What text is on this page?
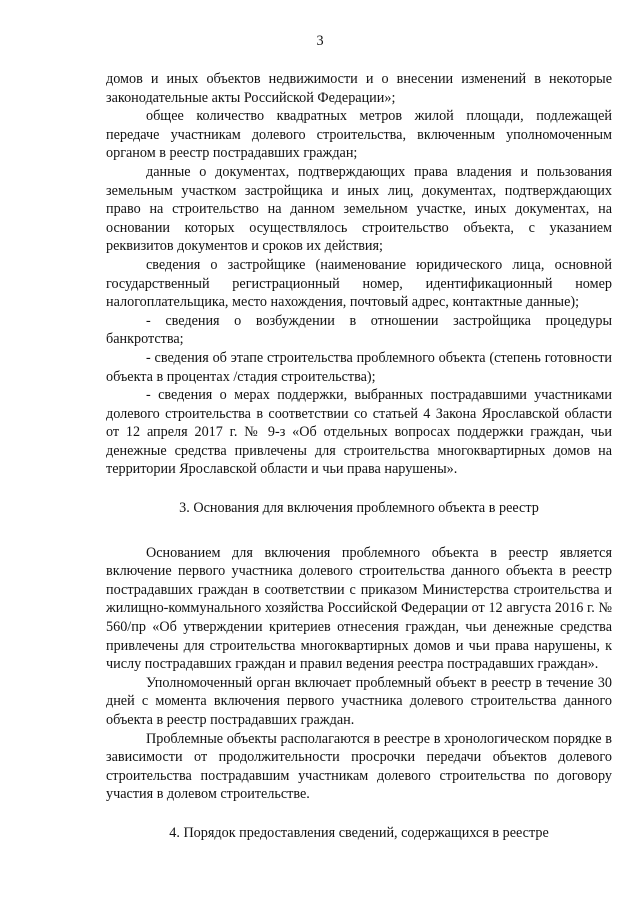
3

домов и иных объектов недвижимости и о внесении изменений в некоторые законодательные акты Российской Федерации»;

общее количество квадратных метров жилой площади, подлежащей передаче участникам долевого строительства, включенным уполномоченным органом в реестр пострадавших граждан;

данные о документах, подтверждающих права владения и пользования земельным участком застройщика и иных лиц, документах, подтверждающих право на строительство на данном земельном участке, иных документах, на основании которых осуществлялось строительство объекта, с указанием реквизитов документов и сроков их действия;

сведения о застройщике (наименование юридического лица, основной государственный регистрационный номер, идентификационный номер налогоплательщика, место нахождения, почтовый адрес, контактные данные);

- сведения о возбуждении в отношении застройщика процедуры банкротства;

- сведения об этапе строительства проблемного объекта (степень готовности объекта в процентах /стадия строительства);

- сведения о мерах поддержки, выбранных пострадавшими участниками долевого строительства в соответствии со статьей 4 Закона Ярославской области от 12 апреля 2017 г. № 9-з «Об отдельных вопросах поддержки граждан, чьи денежные средства привлечены для строительства многоквартирных домов на территории Ярославской области и чьи права нарушены».

3. Основания для включения проблемного объекта в реестр

Основанием для включения проблемного объекта в реестр является включение первого участника долевого строительства данного объекта в реестр пострадавших граждан в соответствии с приказом Министерства строительства и жилищно-коммунального хозяйства Российской Федерации от 12 августа 2016 г. № 560/пр «Об утверждении критериев отнесения граждан, чьи денежные средства привлечены для строительства многоквартирных домов и чьи права нарушены, к числу пострадавших граждан и правил ведения реестра пострадавших граждан».

Уполномоченный орган включает проблемный объект в реестр в течение 30 дней с момента включения первого участника долевого строительства данного объекта в реестр пострадавших граждан.

Проблемные объекты располагаются в реестре в хронологическом порядке в зависимости от продолжительности просрочки передачи объектов долевого строительства пострадавшим участникам долевого строительства по договору участия в долевом строительстве.

4. Порядок предоставления сведений, содержащихся в реестре
